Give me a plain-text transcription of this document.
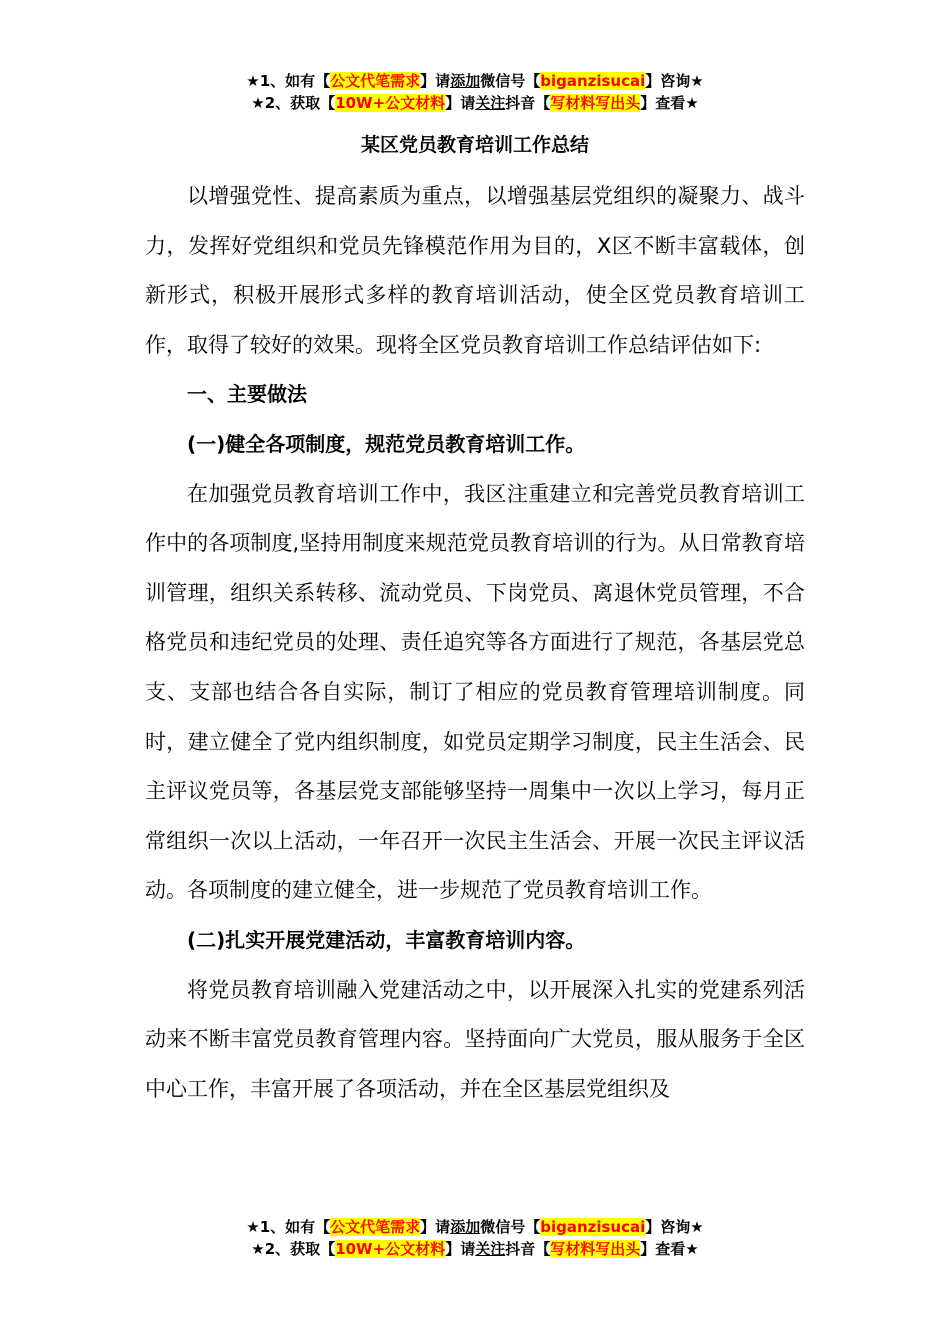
★1、如有【公文代笔需求】请添加微信号【biganzisucai】咨询★
★2、获取【10W+公文材料】请关注抖音【写材料写出头】查看★
某区党员教育培训工作总结

以增强党性、提高素质为重点，以增强基层党组织的凝聚力、战斗力，发挥好党组织和党员先锋模范作用为目的，X区不断丰富载体，创新形式，积极开展形式多样的教育培训活动，使全区党员教育培训工作，取得了较好的效果。现将全区党员教育培训工作总结评估如下:

一、主要做法

(一)健全各项制度，规范党员教育培训工作。

在加强党员教育培训工作中，我区注重建立和完善党员教育培训工作中的各项制度,坚持用制度来规范党员教育培训的行为。从日常教育培训管理，组织关系转移、流动党员、下岗党员、离退休党员管理，不合格党员和违纪党员的处理、责任追究等各方面进行了规范，各基层党总支、支部也结合各自实际，制订了相应的党员教育管理培训制度。同时，建立健全了党内组织制度，如党员定期学习制度，民主生活会、民主评议党员等，各基层党支部能够坚持一周集中一次以上学习，每月正常组织一次以上活动，一年召开一次民主生活会、开展一次民主评议活动。各项制度的建立健全，进一步规范了党员教育培训工作。

(二)扎实开展党建活动，丰富教育培训内容。

将党员教育培训融入党建活动之中，以开展深入扎实的党建系列活动来不断丰富党员教育管理内容。坚持面向广大党员，服从服务于全区中心工作，丰富开展了各项活动，并在全区基层党组织及

★1、如有【公文代笔需求】请添加微信号【biganzisucai】咨询★
★2、获取【10W+公文材料】请关注抖音【写材料写出头】查看★
